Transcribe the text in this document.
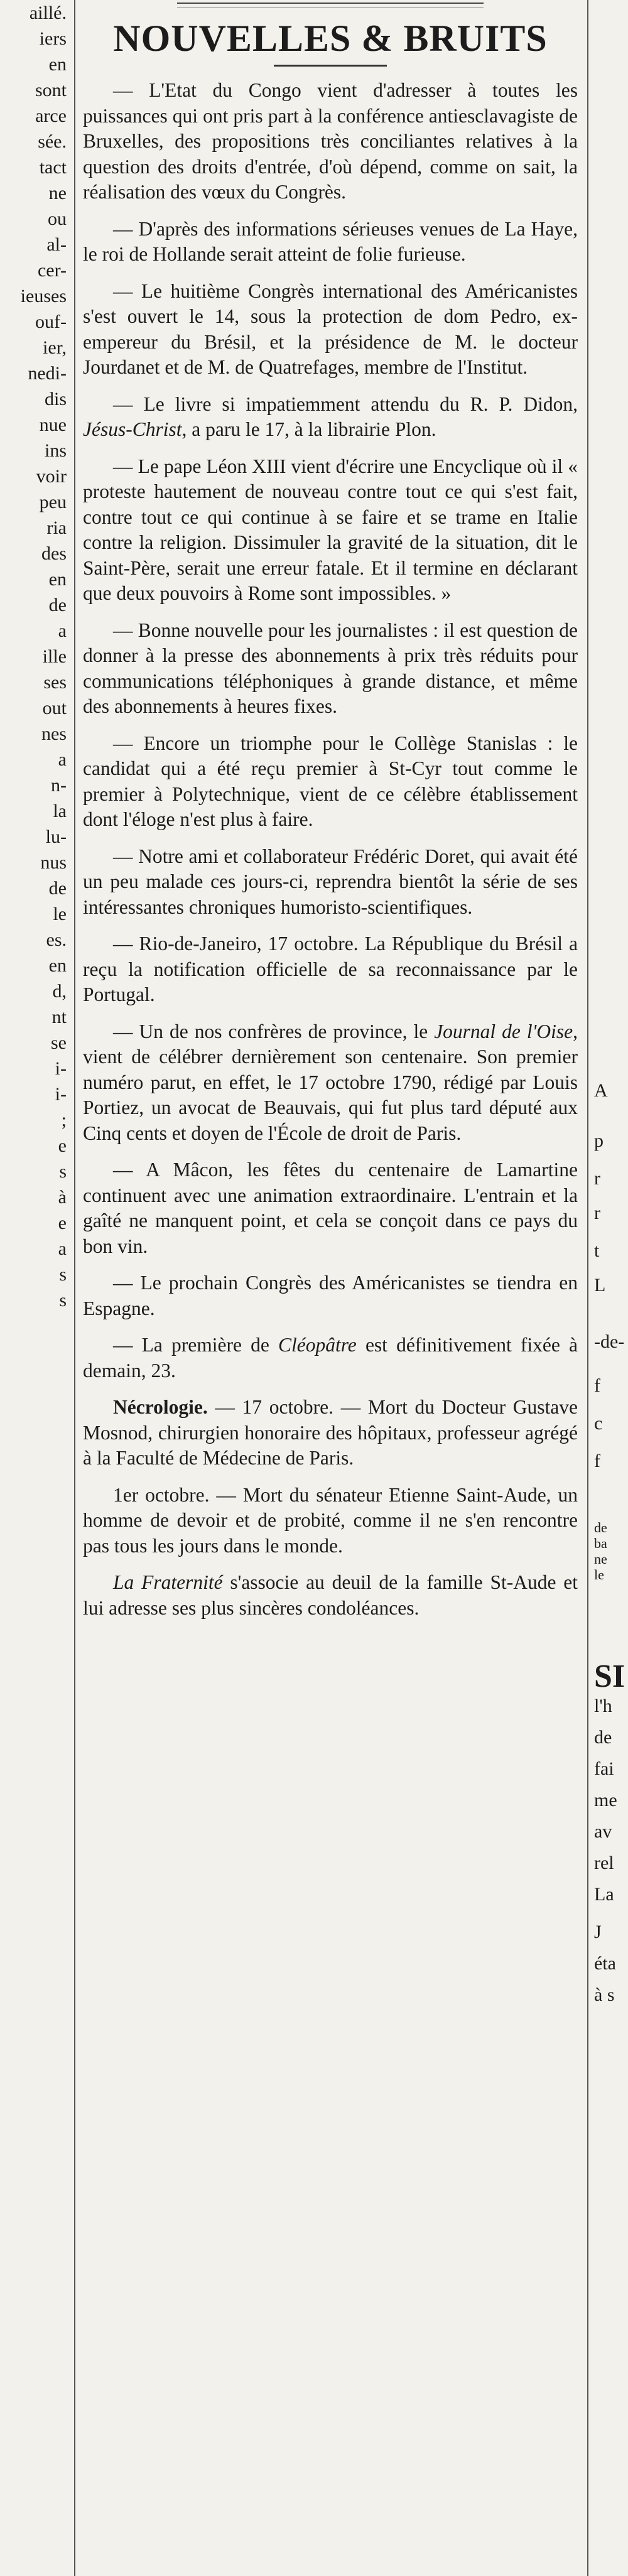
aillé.
iers
en
sont
arce
sée.
tact
ne
ou
al-
cer-
ieuses
ouf-
ier,
nedi-
dis
nue
ins
voir
peu
ria
des
en
de
a
ille
ses
out
nes
a
n-
la
lu-
nus
de
le
es.
en
d,
nt
se
i-
i-
;
e
s
à
e
a
s
s
NOUVELLES & BRUITS

— L'Etat du Congo vient d'adresser à toutes les puissances qui ont pris part à la conférence antiesclavagiste de Bruxelles, des propositions très conciliantes relatives à la question des droits d'entrée, d'où dépend, comme on sait, la réalisation des vœux du Congrès.

— D'après des informations sérieuses venues de La Haye, le roi de Hollande serait atteint de folie furieuse.

— Le huitième Congrès international des Américanistes s'est ouvert le 14, sous la protection de dom Pedro, ex-empereur du Brésil, et la présidence de M. le docteur Jourdanet et de M. de Quatrefages, membre de l'Institut.

— Le livre si impatiemment attendu du R. P. Didon, Jésus-Christ, a paru le 17, à la librairie Plon.

— Le pape Léon XIII vient d'écrire une Encyclique où il « proteste hautement de nouveau contre tout ce qui s'est fait, contre tout ce qui continue à se faire et se trame en Italie contre la religion. Dissimuler la gravité de la situation, dit le Saint-Père, serait une erreur fatale. Et il termine en déclarant que deux pouvoirs à Rome sont impossibles. »

— Bonne nouvelle pour les journalistes : il est question de donner à la presse des abonnements à prix très réduits pour communications téléphoniques à grande distance, et même des abonnements à heures fixes.

— Encore un triomphe pour le Collège Stanislas : le candidat qui a été reçu premier à St-Cyr tout comme le premier à Polytechnique, vient de ce célèbre établissement dont l'éloge n'est plus à faire.

— Notre ami et collaborateur Frédéric Doret, qui avait été un peu malade ces jours-ci, reprendra bientôt la série de ses intéressantes chroniques humoristo-scientifiques.

— Rio-de-Janeiro, 17 octobre. La République du Brésil a reçu la notification officielle de sa reconnaissance par le Portugal.

— Un de nos confrères de province, le Journal de l'Oise, vient de célébrer dernièrement son centenaire. Son premier numéro parut, en effet, le 17 octobre 1790, rédigé par Louis Portiez, un avocat de Beauvais, qui fut plus tard député aux Cinq cents et doyen de l'École de droit de Paris.

— A Mâcon, les fêtes du centenaire de Lamartine continuent avec une animation extraordinaire. L'entrain et la gaîté ne manquent point, et cela se conçoit dans ce pays du bon vin.

— Le prochain Congrès des Américanistes se tiendra en Espagne.

— La première de Cléopâtre est définitivement fixée à demain, 23.

Nécrologie. — 17 octobre. — Mort du Docteur Gustave Mosnod, chirurgien honoraire des hôpitaux, professeur agrégé à la Faculté de Médecine de Paris.

1er octobre. — Mort du sénateur Etienne Saint-Aude, un homme de devoir et de probité, comme il ne s'en rencontre pas tous les jours dans le monde.

La Fraternité s'associe au deuil de la famille St-Aude et lui adresse ses plus sincères condoléances.

A
p
r
r
t
L
-de-
f
c
f
de
ba
ne
le
SI
l'h
de
fai
me
av
rel
La
J
éta
à s
